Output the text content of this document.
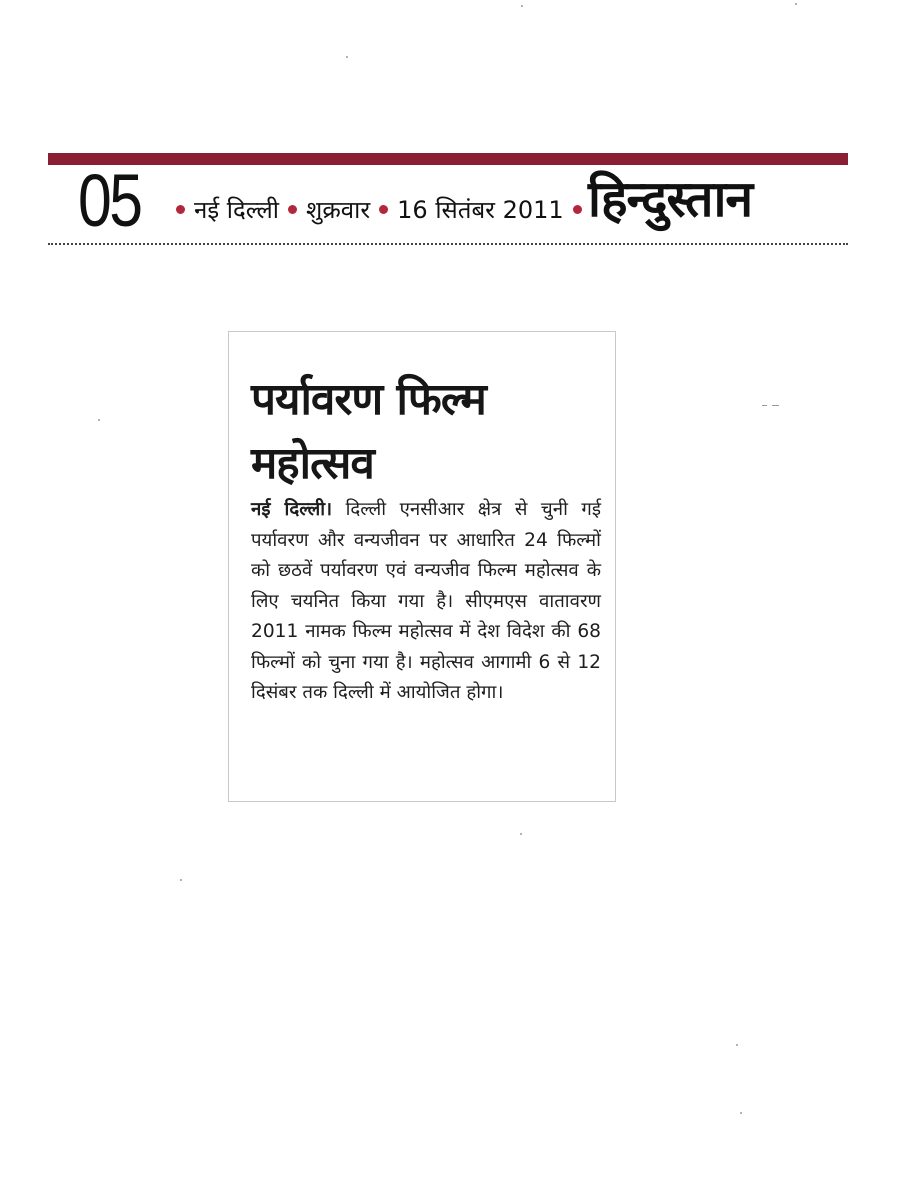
05 नई दिल्ली शुक्रवार 16 सितंबर 2011 हिन्दुस्तान
पर्यावरण फिल्म महोत्सव
नई दिल्ली। दिल्ली एनसीआर क्षेत्र से चुनी गई पर्यावरण और वन्यजीवन पर आधारित 24 फिल्मों को छठवें पर्यावरण एवं वन्यजीव फिल्म महोत्सव के लिए चयनित किया गया है। सीएमएस वातावरण 2011 नामक फिल्म महोत्सव में देश विदेश की 68 फिल्मों को चुना गया है। महोत्सव आगामी 6 से 12 दिसंबर तक दिल्ली में आयोजित होगा।
